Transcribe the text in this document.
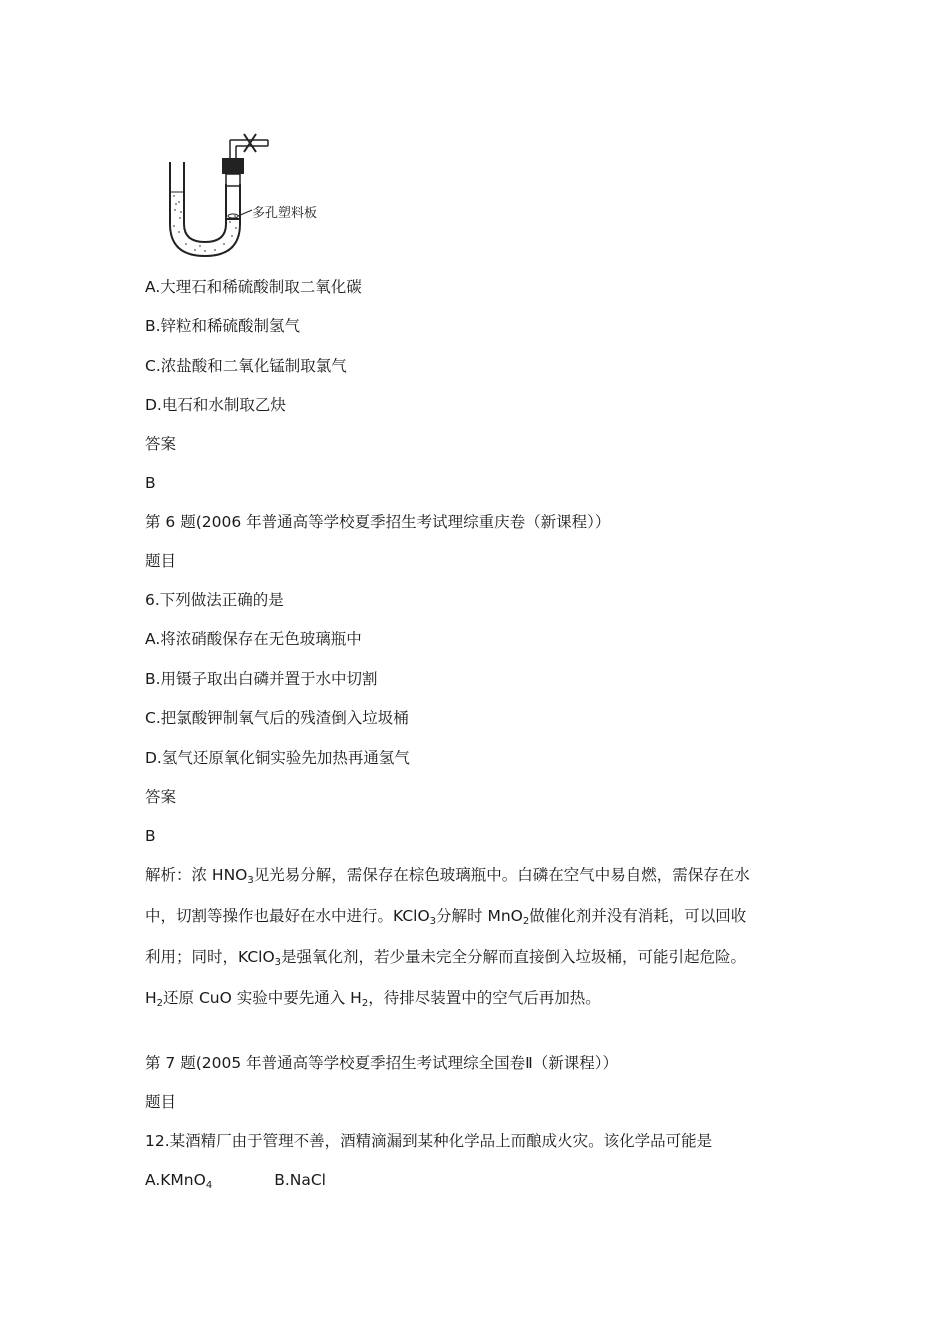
多孔塑料板
A.大理石和稀硫酸制取二氧化碳
B.锌粒和稀硫酸制氢气
C.浓盐酸和二氧化锰制取氯气
D.电石和水制取乙炔
答案
B
第 6 题(2006 年普通高等学校夏季招生考试理综重庆卷（新课程））
题目
6.下列做法正确的是
A.将浓硝酸保存在无色玻璃瓶中
B.用镊子取出白磷并置于水中切割
C.把氯酸钾制氧气后的残渣倒入垃圾桶
D.氢气还原氧化铜实验先加热再通氢气
答案
B
解析：浓 $HNO_3$见光易分解，需保存在棕色玻璃瓶中。白磷在空气中易自燃，需保存在水
中，切割等操作也最好在水中进行。KClO$_3$分解时 MnO$_2$做催化剂并没有消耗，可以回收
利用；同时，KClO$_3$是强氧化剂，若少量未完全分解而直接倒入垃圾桶，可能引起危险。
$H_2$还原 CuO 实验中要先通入 $H_2$，待排尽装置中的空气后再加热。
第 7 题(2005 年普通高等学校夏季招生考试理综全国卷Ⅱ（新课程））
题目
12.某酒精厂由于管理不善，酒精滴漏到某种化学品上而酿成火灾。该化学品可能是
A.KMnO$_4$	B.NaCl
